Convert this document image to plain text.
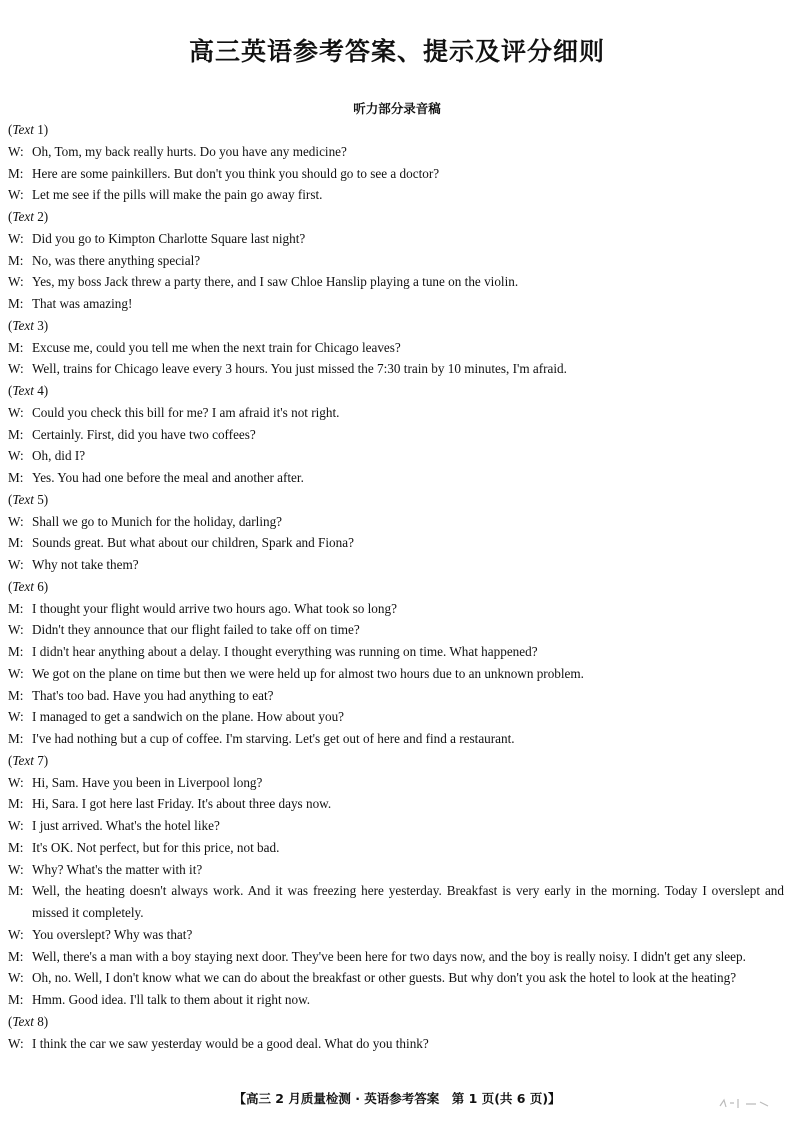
高三英语参考答案、提示及评分细则
听力部分录音稿
(Text 1)
W: Oh, Tom, my back really hurts. Do you have any medicine?
M: Here are some painkillers. But don't you think you should go to see a doctor?
W: Let me see if the pills will make the pain go away first.
(Text 2)
W: Did you go to Kimpton Charlotte Square last night?
M: No, was there anything special?
W: Yes, my boss Jack threw a party there, and I saw Chloe Hanslip playing a tune on the violin.
M: That was amazing!
(Text 3)
M: Excuse me, could you tell me when the next train for Chicago leaves?
W: Well, trains for Chicago leave every 3 hours. You just missed the 7:30 train by 10 minutes, I'm afraid.
(Text 4)
W: Could you check this bill for me? I am afraid it's not right.
M: Certainly. First, did you have two coffees?
W: Oh, did I?
M: Yes. You had one before the meal and another after.
(Text 5)
W: Shall we go to Munich for the holiday, darling?
M: Sounds great. But what about our children, Spark and Fiona?
W: Why not take them?
(Text 6)
M: I thought your flight would arrive two hours ago. What took so long?
W: Didn't they announce that our flight failed to take off on time?
M: I didn't hear anything about a delay. I thought everything was running on time. What happened?
W: We got on the plane on time but then we were held up for almost two hours due to an unknown problem.
M: That's too bad. Have you had anything to eat?
W: I managed to get a sandwich on the plane. How about you?
M: I've had nothing but a cup of coffee. I'm starving. Let's get out of here and find a restaurant.
(Text 7)
W: Hi, Sam. Have you been in Liverpool long?
M: Hi, Sara. I got here last Friday. It's about three days now.
W: I just arrived. What's the hotel like?
M: It's OK. Not perfect, but for this price, not bad.
W: Why? What's the matter with it?
M: Well, the heating doesn't always work. And it was freezing here yesterday. Breakfast is very early in the morning. Today I overslept and missed it completely.
W: You overslept? Why was that?
M: Well, there's a man with a boy staying next door. They've been here for two days now, and the boy is really noisy. I didn't get any sleep.
W: Oh, no. Well, I don't know what we can do about the breakfast or other guests. But why don't you ask the hotel to look at the heating?
M: Hmm. Good idea. I'll talk to them about it right now.
(Text 8)
W: I think the car we saw yesterday would be a good deal. What do you think?
【高三 2 月质量检测 · 英语参考答案　第 1 页(共 6 页)】
